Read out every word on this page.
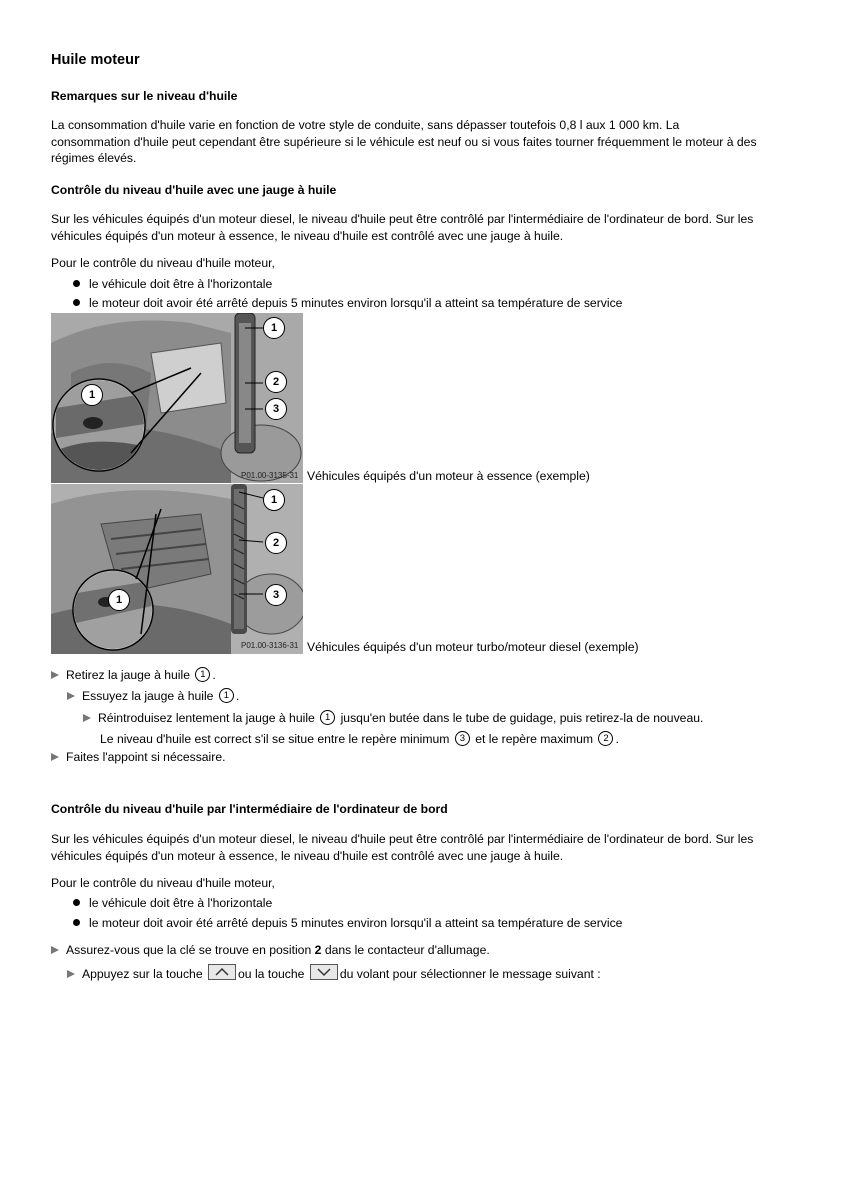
Huile moteur
Remarques sur le niveau d'huile
La consommation d'huile varie en fonction de votre style de conduite, sans dépasser toutefois 0,8 l aux 1 000 km. La
consommation d'huile peut cependant être supérieure si le véhicule est neuf ou si vous faites tourner fréquemment le moteur à des
régimes élevés.
Contrôle du niveau d'huile avec une jauge à huile
Sur les véhicules équipés d'un moteur diesel, le niveau d'huile peut être contrôlé par l'intermédiaire de l'ordinateur de bord. Sur les
véhicules équipés d'un moteur à essence, le niveau d'huile est contrôlé avec une jauge à huile.
Pour le contrôle du niveau d'huile moteur,
le véhicule doit être à l'horizontale
le moteur doit avoir été arrêté depuis 5 minutes environ lorsqu'il a atteint sa température de service
1
2
3
1
P01.00-3135-31 Véhicules équipés d'un moteur à essence (exemple)
1
2
3
1
P01.00-3136-31 Véhicules équipés d'un moteur turbo/moteur diesel (exemple)
Retirez la jauge à huile 1 .
Essuyez la jauge à huile 1 .
Réintroduisez lentement la jauge à huile 1 jusqu'en butée dans le tube de guidage, puis retirez-la de nouveau.
Le niveau d'huile est correct s'il se situe entre le repère minimum 3 et le repère maximum 2 .
Faites l'appoint si nécessaire.
Contrôle du niveau d'huile par l'intermédiaire de l'ordinateur de bord
Sur les véhicules équipés d'un moteur diesel, le niveau d'huile peut être contrôlé par l'intermédiaire de l'ordinateur de bord. Sur les
véhicules équipés d'un moteur à essence, le niveau d'huile est contrôlé avec une jauge à huile.
Pour le contrôle du niveau d'huile moteur,
le véhicule doit être à l'horizontale
le moteur doit avoir été arrêté depuis 5 minutes environ lorsqu'il a atteint sa température de service
Assurez-vous que la clé se trouve en position 2 dans le contacteur d'allumage.
Appuyez sur la touche	ou la touche	du volant pour sélectionner le message suivant :
